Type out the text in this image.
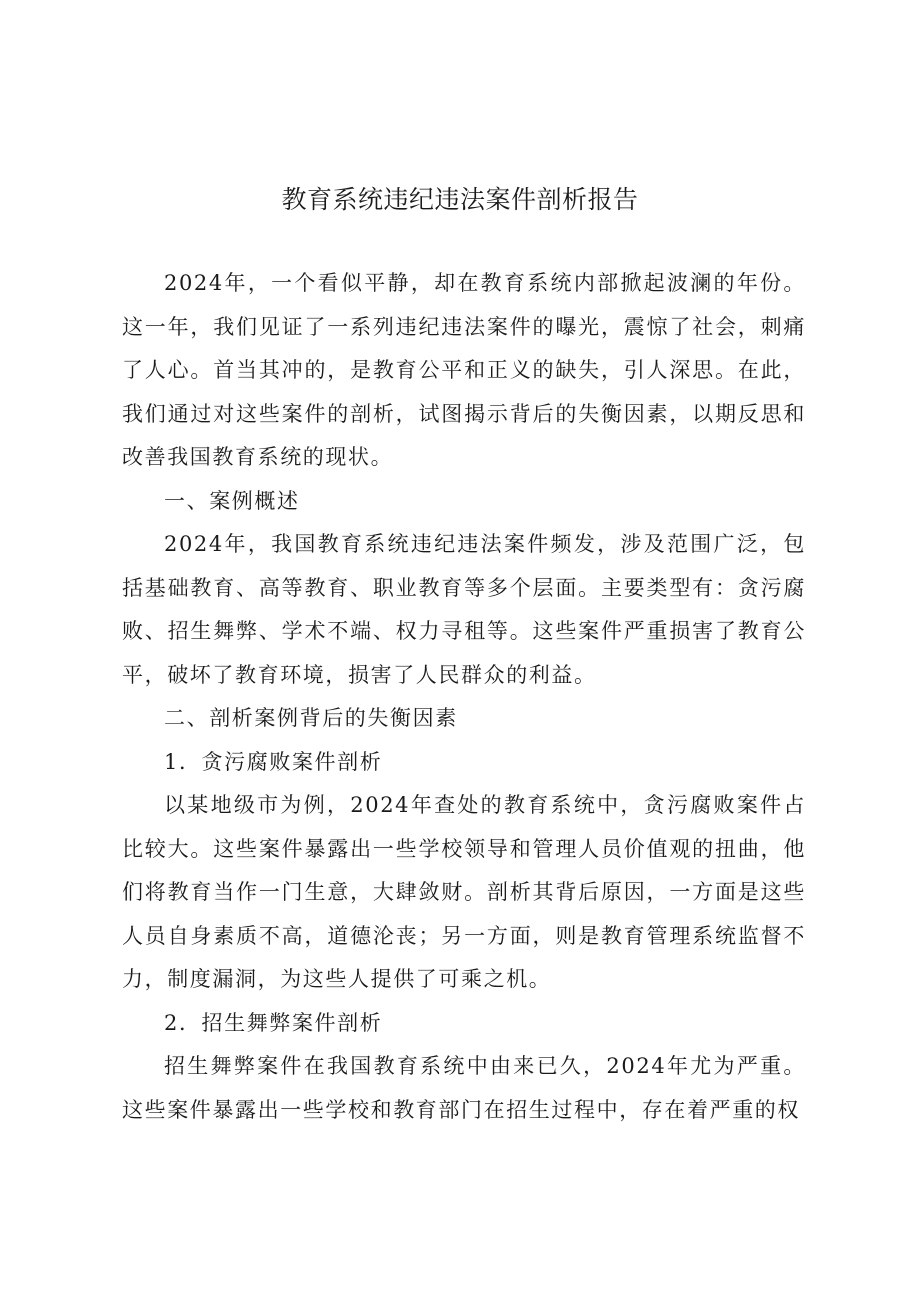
教育系统违纪违法案件剖析报告

2024年，一个看似平静，却在教育系统内部掀起波澜的年份。这一年，我们见证了一系列违纪违法案件的曝光，震惊了社会，刺痛了人心。首当其冲的，是教育公平和正义的缺失，引人深思。在此，我们通过对这些案件的剖析，试图揭示背后的失衡因素，以期反思和改善我国教育系统的现状。

一、案例概述

2024年，我国教育系统违纪违法案件频发，涉及范围广泛，包括基础教育、高等教育、职业教育等多个层面。主要类型有：贪污腐败、招生舞弊、学术不端、权力寻租等。这些案件严重损害了教育公平，破坏了教育环境，损害了人民群众的利益。

二、剖析案例背后的失衡因素

1．贪污腐败案件剖析

以某地级市为例，2024年查处的教育系统中，贪污腐败案件占比较大。这些案件暴露出一些学校领导和管理人员价值观的扭曲，他们将教育当作一门生意，大肆敛财。剖析其背后原因，一方面是这些人员自身素质不高，道德沦丧；另一方面，则是教育管理系统监督不力，制度漏洞，为这些人提供了可乘之机。

2．招生舞弊案件剖析

招生舞弊案件在我国教育系统中由来已久，2024年尤为严重。这些案件暴露出一些学校和教育部门在招生过程中，存在着严重的权
